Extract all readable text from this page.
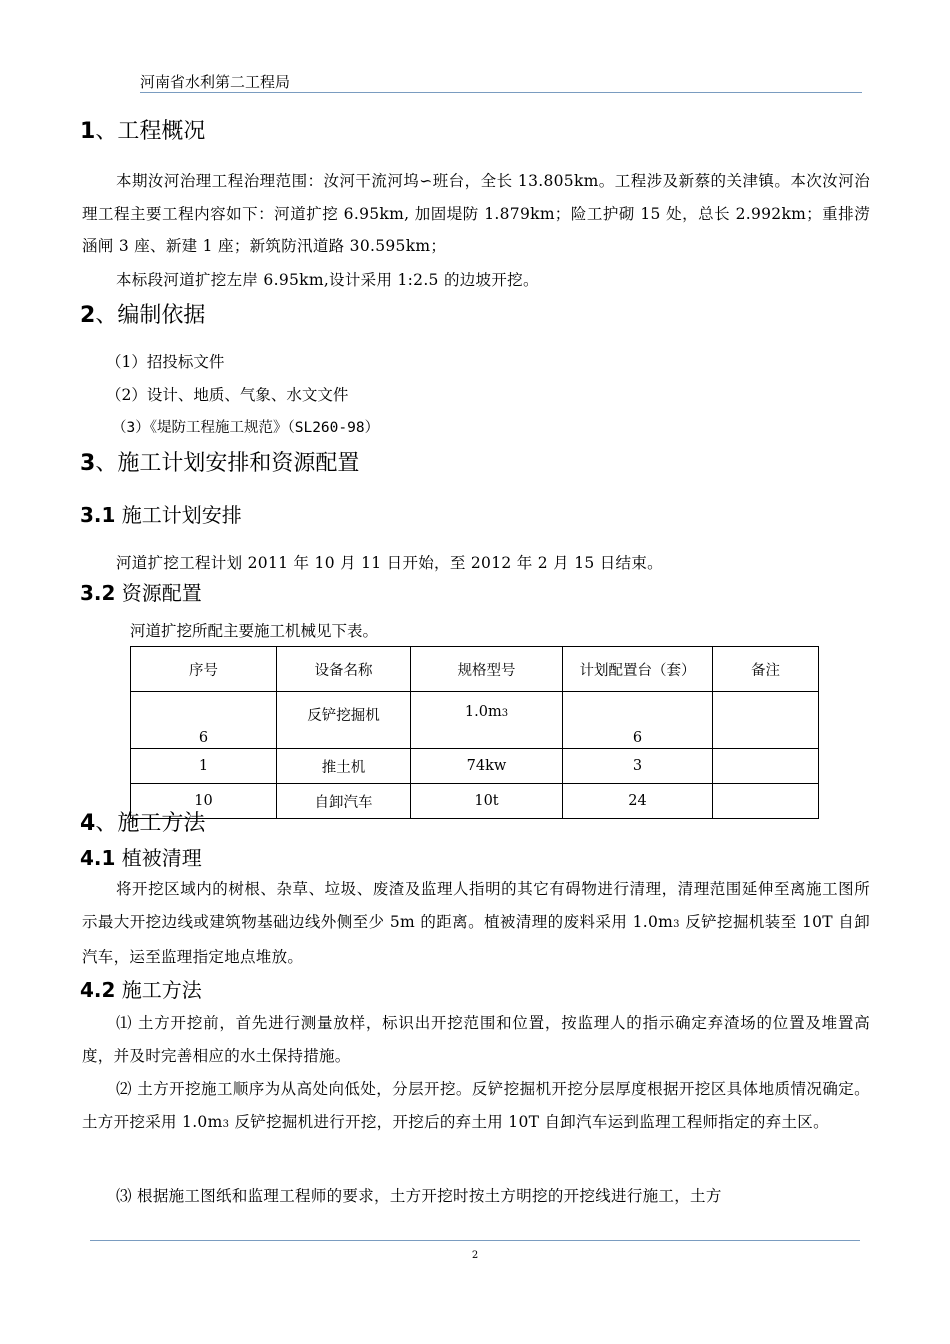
河南省水利第二工程局
1、工程概况
本期汝河治理工程治理范围：汝河干流河坞∽班台，全长 13.805km。工程涉及新蔡的关津镇。本次汝河治理工程主要工程内容如下：河道扩挖 6.95km, 加固堤防 1.879km；险工护砌 15 处，总长 2.992km；重排涝涵闸 3 座、新建 1 座；新筑防汛道路 30.595km；
本标段河道扩挖左岸 6.95km,设计采用 1:2.5 的边坡开挖。
2、编制依据
（1）招投标文件
（2）设计、地质、气象、水文文件
（3）《堤防工程施工规范》（SL260-98）
3、施工计划安排和资源配置
3.1 施工计划安排
河道扩挖工程计划 2011 年 10 月 11 日开始，至 2012 年 2 月 15 日结束。
3.2 资源配置
河道扩挖所配主要施工机械见下表。
序号	设备名称	规格型号	计划配置台（套）	备注
6	反铲挖掘机	1.0m3	6	
1	推土机	74kw	3	
10	自卸汽车	10t	24	
4、施工方法
4.1 植被清理
将开挖区域内的树根、杂草、垃圾、废渣及监理人指明的其它有碍物进行清理，清理范围延伸至离施工图所示最大开挖边线或建筑物基础边线外侧至少 5m 的距离。植被清理的废料采用 1.0m3 反铲挖掘机装至 10T 自卸汽车，运至监理指定地点堆放。
4.2 施工方法
⑴ 土方开挖前，首先进行测量放样，标识出开挖范围和位置，按监理人的指示确定弃渣场的位置及堆置高度，并及时完善相应的水土保持措施。
⑵ 土方开挖施工顺序为从高处向低处，分层开挖。反铲挖掘机开挖分层厚度根据开挖区具体地质情况确定。土方开挖采用 1.0m3 反铲挖掘机进行开挖，开挖后的弃土用 10T 自卸汽车运到监理工程师指定的弃土区。
⑶ 根据施工图纸和监理工程师的要求，土方开挖时按土方明挖的开挖线进行施工，土方
2
